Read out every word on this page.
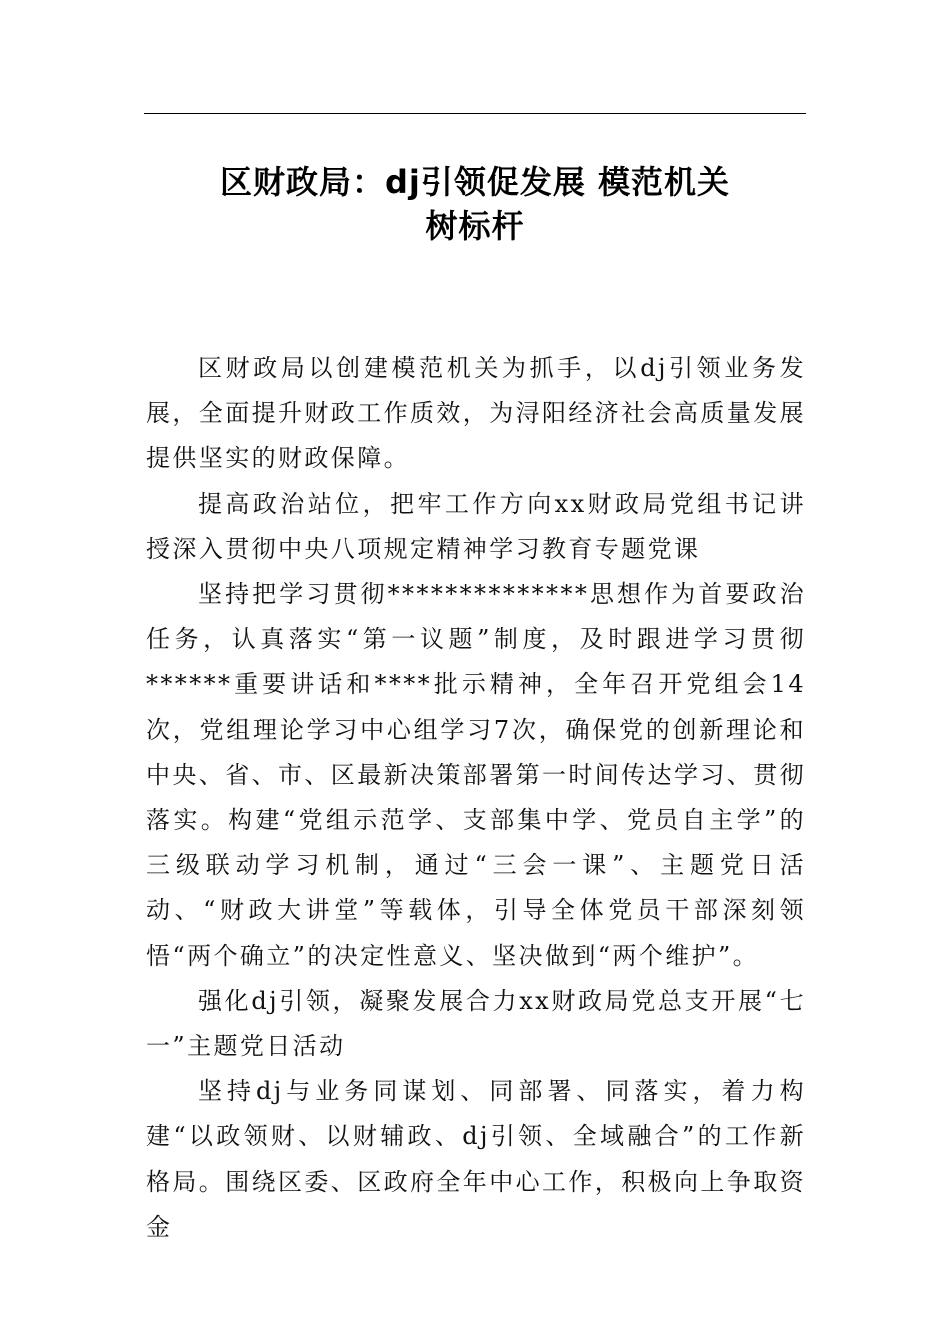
区财政局：dj引领促发展 模范机关
树标杆

区财政局以创建模范机关为抓手，以dj引领业务发展，全面提升财政工作质效，为浔阳经济社会高质量发展提供坚实的财政保障。

提高政治站位，把牢工作方向xx财政局党组书记讲授深入贯彻中央八项规定精神学习教育专题党课

坚持把学习贯彻**************思想作为首要政治任务，认真落实“第一议题”制度，及时跟进学习贯彻******重要讲话和****批示精神，全年召开党组会14次，党组理论学习中心组学习7次，确保党的创新理论和中央、省、市、区最新决策部署第一时间传达学习、贯彻落实。构建“党组示范学、支部集中学、党员自主学”的三级联动学习机制，通过“三会一课”、主题党日活动、“财政大讲堂”等载体，引导全体党员干部深刻领悟“两个确立”的决定性意义、坚决做到“两个维护”。

强化dj引领，凝聚发展合力xx财政局党总支开展“七一”主题党日活动

坚持dj与业务同谋划、同部署、同落实，着力构建“以政领财、以财辅政、dj引领、全域融合”的工作新格局。围绕区委、区政府全年中心工作，积极向上争取资金
